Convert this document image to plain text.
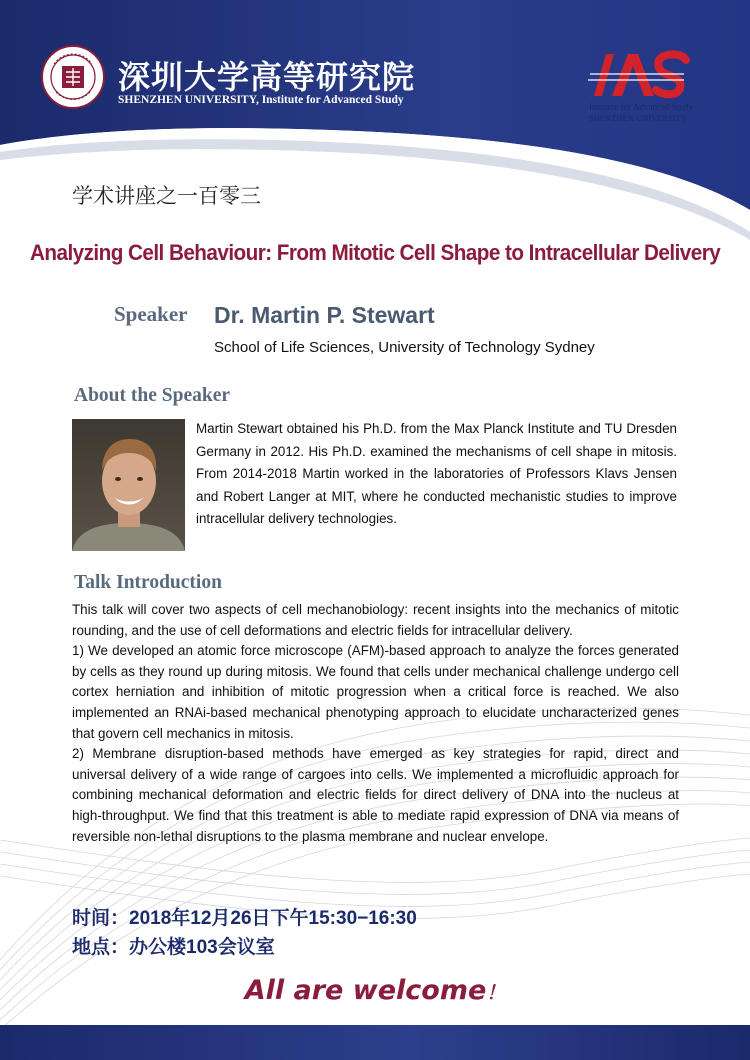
深圳大学高等研究院
SHENZHEN UNIVERSITY, Institute for Advanced Study
Institute for Advanced Study
SHENZHEN UNIVERSITY
学术讲座之一百零三
Analyzing Cell Behaviour: From Mitotic Cell Shape to Intracellular Delivery
Speaker Dr. Martin P. Stewart
School of Life Sciences, University of Technology Sydney
About the Speaker

Martin Stewart obtained his Ph.D. from the Max Planck Institute and TU Dresden Germany in 2012. His Ph.D. examined the mechanisms of cell shape in mitosis. From 2014-2018 Martin worked in the laboratories of Professors Klavs Jensen and Robert Langer at MIT, where he conducted mechanistic studies to improve intracellular delivery technologies.

Talk Introduction

This talk will cover two aspects of cell mechanobiology: recent insights into the mechanics of mitotic rounding, and the use of cell deformations and electric fields for intracellular delivery.

1) We developed an atomic force microscope (AFM)-based approach to analyze the forces generated by cells as they round up during mitosis. We found that cells under mechanical challenge undergo cell cortex herniation and inhibition of mitotic progression when a critical force is reached. We also implemented an RNAi-based mechanical phenotyping approach to elucidate uncharacterized genes that govern cell mechanics in mitosis.

2) Membrane disruption-based methods have emerged as key strategies for rapid, direct and universal delivery of a wide range of cargoes into cells. We implemented a microfluidic approach for combining mechanical deformation and electric fields for direct delivery of DNA into the nucleus at high-throughput. We find that this treatment is able to mediate rapid expression of DNA via means of reversible non-lethal disruptions to the plasma membrane and nuclear envelope.

时间：2018年12月26日下午15:30−16:30
地点：办公楼103会议室
All are welcome！
